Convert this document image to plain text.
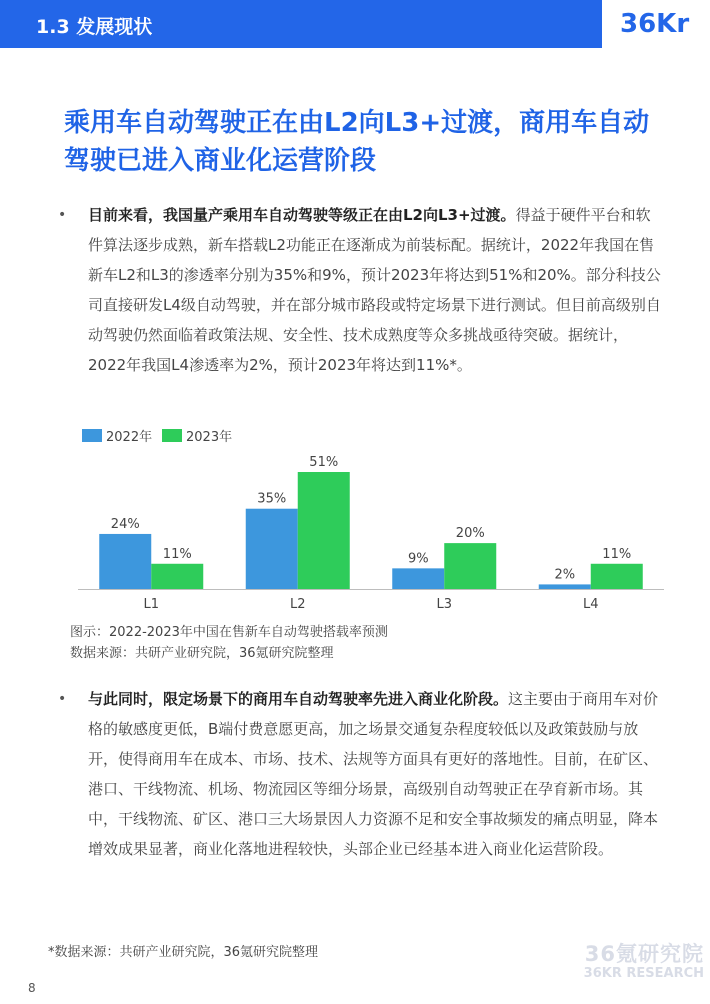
1.3 发展现状	36Kr
乘用车自动驾驶正在由L2向L3+过渡，商用车自动驾驶已进入商业化运营阶段
•	目前来看，我国量产乘用车自动驾驶等级正在由L2向L3+过渡。得益于硬件平台和软件算法逐步成熟，新车搭载L2功能正在逐渐成为前装标配。据统计，2022年我国在售新车L2和L3的渗透率分别为35%和9%，预计2023年将达到51%和20%。部分科技公司直接研发L4级自动驾驶，并在部分城市路段或特定场景下进行测试。但目前高级别自动驾驶仍然面临着政策法规、安全性、技术成熟度等众多挑战亟待突破。据统计，2022年我国L4渗透率为2%，预计2023年将达到11%*。
2022年	2023年
24%
11%
L1
35%
51%
L2
9%
20%
L3
2%
11%
L4
图示：2022-2023年中国在售新车自动驾驶搭载率预测
数据来源：共研产业研究院，36氪研究院整理
•	与此同时，限定场景下的商用车自动驾驶率先进入商业化阶段。这主要由于商用车对价格的敏感度更低，B端付费意愿更高，加之场景交通复杂程度较低以及政策鼓励与放开，使得商用车在成本、市场、技术、法规等方面具有更好的落地性。目前，在矿区、港口、干线物流、机场、物流园区等细分场景，高级别自动驾驶正在孕育新市场。其中，干线物流、矿区、港口三大场景因人力资源不足和安全事故频发的痛点明显，降本增效成果显著，商业化落地进程较快，头部企业已经基本进入商业化运营阶段。
*数据来源：共研产业研究院，36氪研究院整理	36氪研究院
36KR RESEARCH
8
